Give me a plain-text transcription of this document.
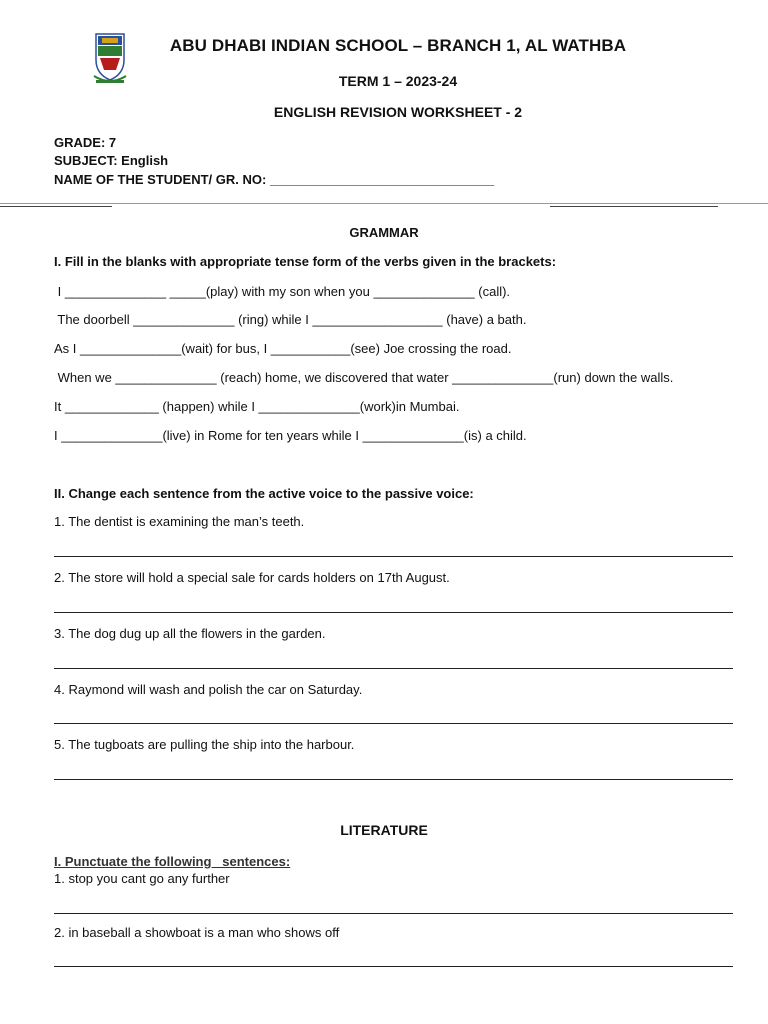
ABU DHABI INDIAN SCHOOL – BRANCH 1, AL WATHBA
TERM 1 – 2023-24
ENGLISH REVISION WORKSHEET - 2
GRADE: 7
SUBJECT: English
NAME OF THE STUDENT/ GR. NO: _______________________________
GRAMMAR
I. Fill in the blanks with appropriate tense form of the verbs given in the brackets:
I ______________ _____(play) with my son when you ______________ (call).
The doorbell ______________ (ring) while I __________________ (have) a bath.
As I ______________(wait) for bus, I ___________(see) Joe crossing the road.
When we ______________ (reach) home, we discovered that water ______________(run) down the walls.
It _____________ (happen) while I ______________(work)in Mumbai.
I ______________(live) in Rome for ten years while I ______________(is) a child.
II. Change each sentence from the active voice to the passive voice:
1. The dentist is examining the man’s teeth.
2. The store will hold a special sale for cards holders on 17th August.
3. The dog dug up all the flowers in the garden.
4. Raymond will wash and polish the car on Saturday.
5. The tugboats are pulling the ship into the harbour.
LITERATURE
I. Punctuate the following   sentences:
1. stop you cant go any further
2. in baseball a showboat is a man who shows off
